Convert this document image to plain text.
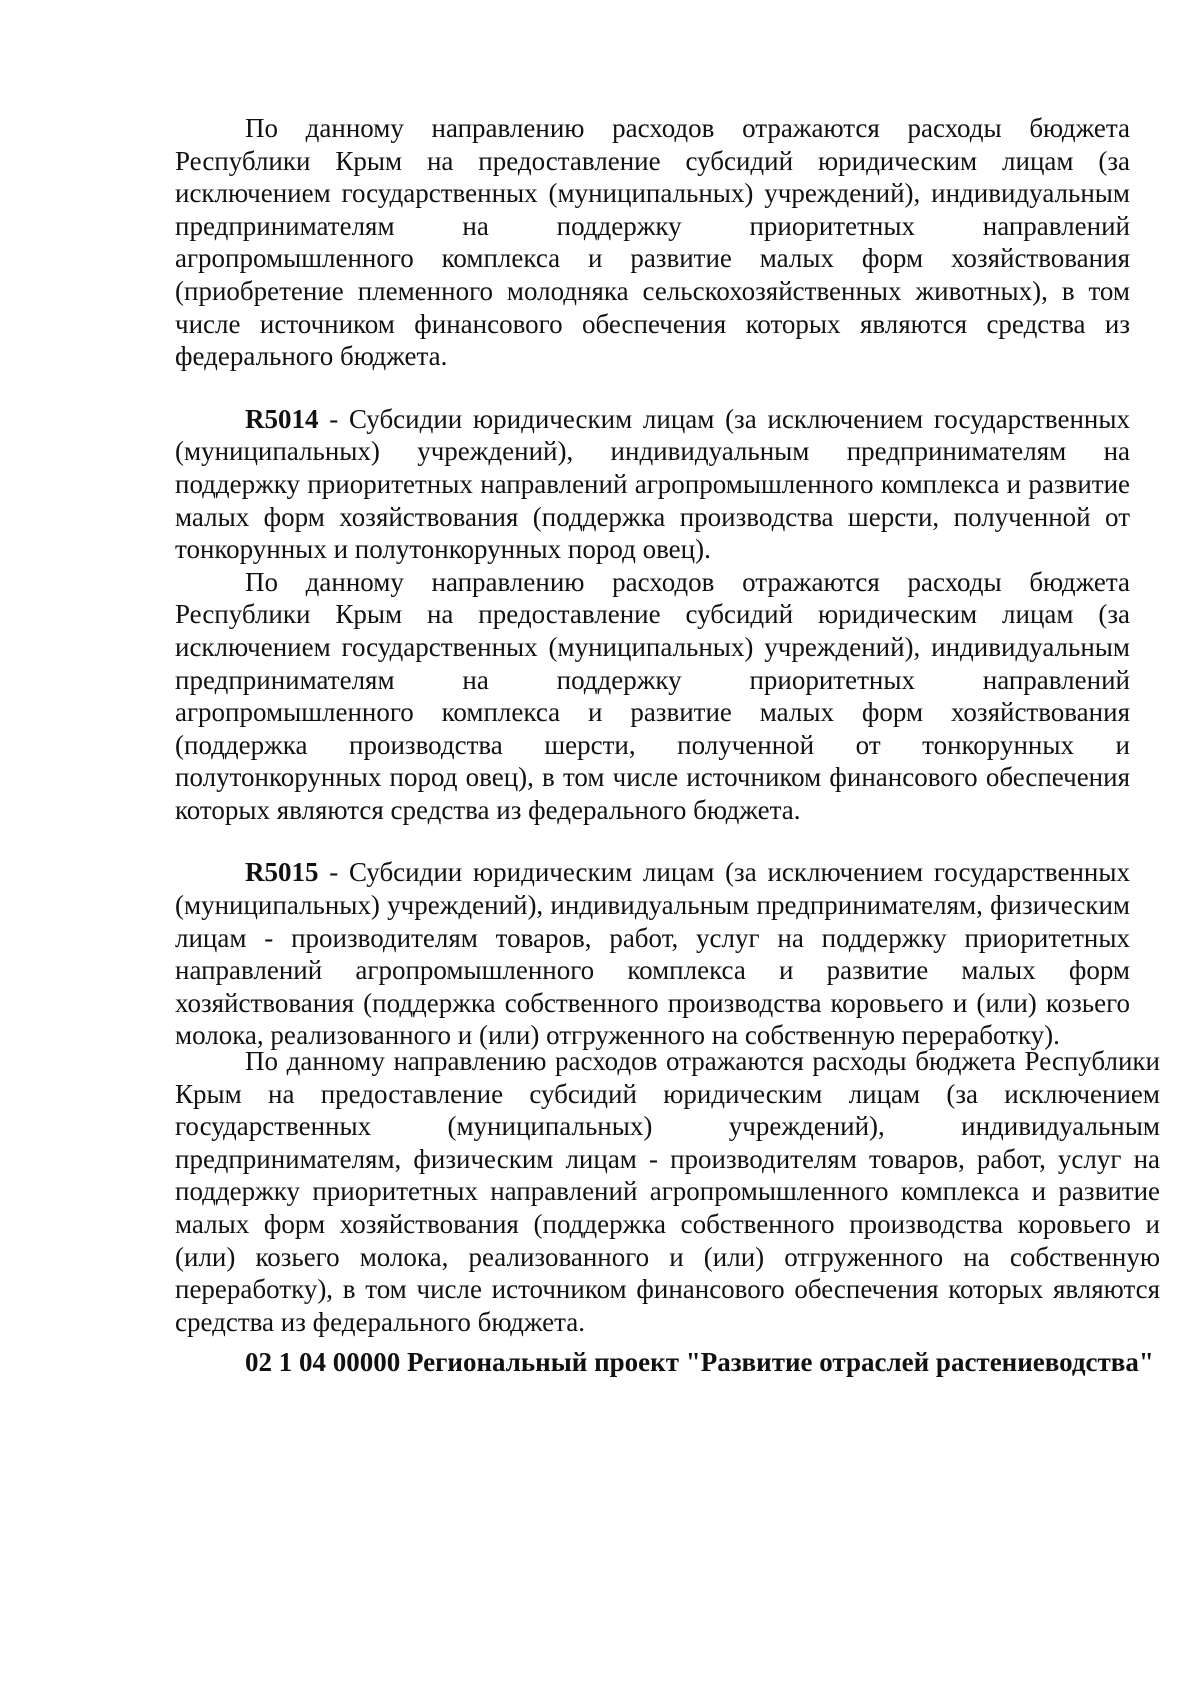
По данному направлению расходов отражаются расходы бюджета Республики Крым на предоставление субсидий юридическим лицам (за исключением государственных (муниципальных) учреждений), индивидуальным предпринимателям на поддержку приоритетных направлений агропромышленного комплекса и развитие малых форм хозяйствования (приобретение племенного молодняка сельскохозяйственных животных), в том числе источником финансового обеспечения которых являются средства из федерального бюджета.

R5014 - Субсидии юридическим лицам (за исключением государственных (муниципальных) учреждений), индивидуальным предпринимателям на поддержку приоритетных направлений агропромышленного комплекса и развитие малых форм хозяйствования (поддержка производства шерсти, полученной от тонкорунных и полутонкорунных пород овец).

По данному направлению расходов отражаются расходы бюджета Республики Крым на предоставление субсидий юридическим лицам (за исключением государственных (муниципальных) учреждений), индивидуальным предпринимателям на поддержку приоритетных направлений агропромышленного комплекса и развитие малых форм хозяйствования (поддержка производства шерсти, полученной от тонкорунных и полутонкорунных пород овец), в том числе источником финансового обеспечения которых являются средства из федерального бюджета.

R5015 - Субсидии юридическим лицам (за исключением государственных (муниципальных) учреждений), индивидуальным предпринимателям, физическим лицам - производителям товаров, работ, услуг на поддержку приоритетных направлений агропромышленного комплекса и развитие малых форм хозяйствования (поддержка собственного производства коровьего и (или) козьего молока, реализованного и (или) отгруженного на собственную переработку).

По данному направлению расходов отражаются расходы бюджета Республики Крым на предоставление субсидий юридическим лицам (за исключением государственных (муниципальных) учреждений), индивидуальным предпринимателям, физическим лицам - производителям товаров, работ, услуг на поддержку приоритетных направлений агропромышленного комплекса и развитие малых форм хозяйствования (поддержка собственного производства коровьего и (или) козьего молока, реализованного и (или) отгруженного на собственную переработку), в том числе источником финансового обеспечения которых являются средства из федерального бюджета.

02 1 04 00000 Региональный проект "Развитие отраслей растениеводства"
